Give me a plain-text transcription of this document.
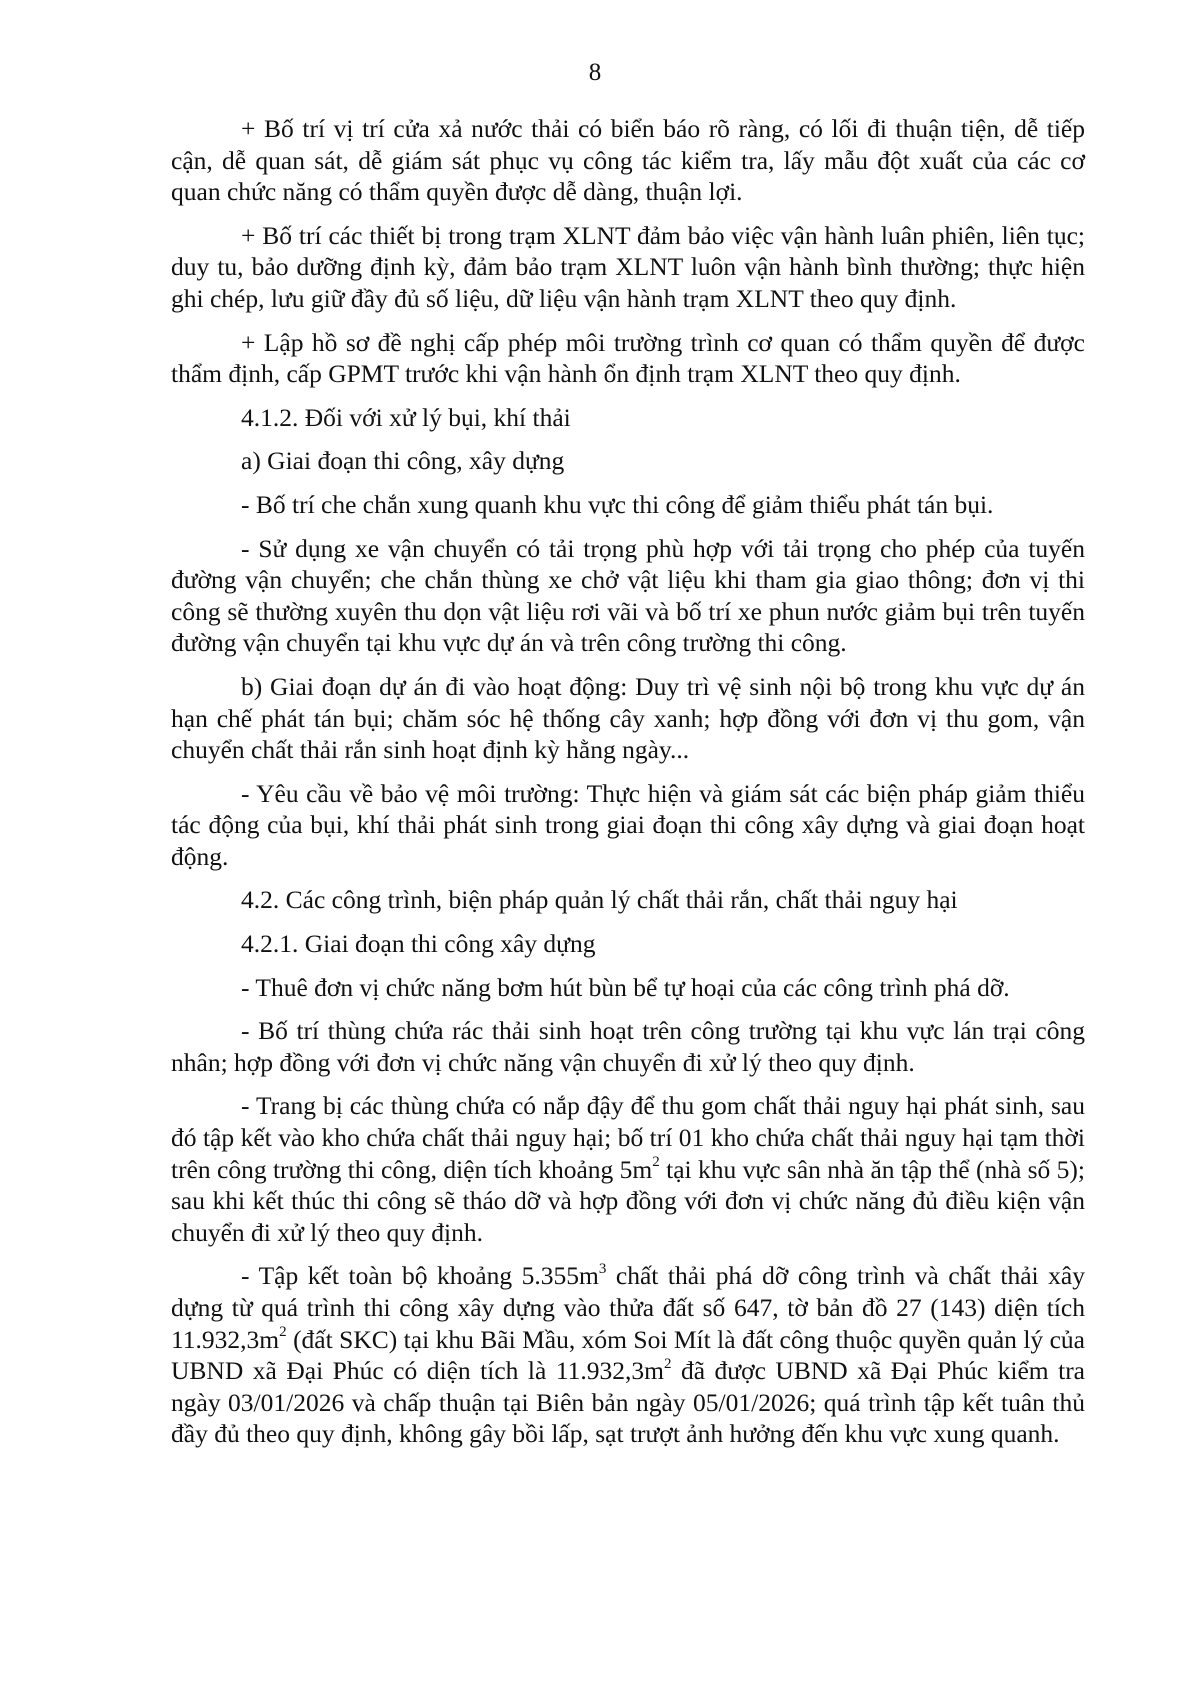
8

+ Bố trí vị trí cửa xả nước thải có biển báo rõ ràng, có lối đi thuận tiện, dễ tiếp cận, dễ quan sát, dễ giám sát phục vụ công tác kiểm tra, lấy mẫu đột xuất của các cơ quan chức năng có thẩm quyền được dễ dàng, thuận lợi.

+ Bố trí các thiết bị trong trạm XLNT đảm bảo việc vận hành luân phiên, liên tục; duy tu, bảo dưỡng định kỳ, đảm bảo trạm XLNT luôn vận hành bình thường; thực hiện ghi chép, lưu giữ đầy đủ số liệu, dữ liệu vận hành trạm XLNT theo quy định.

+ Lập hồ sơ đề nghị cấp phép môi trường trình cơ quan có thẩm quyền để được thẩm định, cấp GPMT trước khi vận hành ổn định trạm XLNT theo quy định.

4.1.2. Đối với xử lý bụi, khí thải

a) Giai đoạn thi công, xây dựng

- Bố trí che chắn xung quanh khu vực thi công để giảm thiểu phát tán bụi.

- Sử dụng xe vận chuyển có tải trọng phù hợp với tải trọng cho phép của tuyến đường vận chuyển; che chắn thùng xe chở vật liệu khi tham gia giao thông; đơn vị thi công sẽ thường xuyên thu dọn vật liệu rơi vãi và bố trí xe phun nước giảm bụi trên tuyến đường vận chuyển tại khu vực dự án và trên công trường thi công.

b) Giai đoạn dự án đi vào hoạt động: Duy trì vệ sinh nội bộ trong khu vực dự án hạn chế phát tán bụi; chăm sóc hệ thống cây xanh; hợp đồng với đơn vị thu gom, vận chuyển chất thải rắn sinh hoạt định kỳ hằng ngày...

- Yêu cầu về bảo vệ môi trường: Thực hiện và giám sát các biện pháp giảm thiểu tác động của bụi, khí thải phát sinh trong giai đoạn thi công xây dựng và giai đoạn hoạt động.

4.2. Các công trình, biện pháp quản lý chất thải rắn, chất thải nguy hại

4.2.1. Giai đoạn thi công xây dựng

- Thuê đơn vị chức năng bơm hút bùn bể tự hoại của các công trình phá dỡ.

- Bố trí thùng chứa rác thải sinh hoạt trên công trường tại khu vực lán trại công nhân; hợp đồng với đơn vị chức năng vận chuyển đi xử lý theo quy định.

- Trang bị các thùng chứa có nắp đậy để thu gom chất thải nguy hại phát sinh, sau đó tập kết vào kho chứa chất thải nguy hại; bố trí 01 kho chứa chất thải nguy hại tạm thời trên công trường thi công, diện tích khoảng $5m^2$ tại khu vực sân nhà ăn tập thể (nhà số 5); sau khi kết thúc thi công sẽ tháo dỡ và hợp đồng với đơn vị chức năng đủ điều kiện vận chuyển đi xử lý theo quy định.

- Tập kết toàn bộ khoảng $5.355m^3$ chất thải phá dỡ công trình và chất thải xây dựng từ quá trình thi công xây dựng vào thửa đất số 647, tờ bản đồ 27 (143) diện tích $11.932,3m^2$ (đất SKC) tại khu Bãi Mầu, xóm Soi Mít là đất công thuộc quyền quản lý của UBND xã Đại Phúc có diện tích là $11.932,3m^2$ đã được UBND xã Đại Phúc kiểm tra ngày 03/01/2026 và chấp thuận tại Biên bản ngày 05/01/2026; quá trình tập kết tuân thủ đầy đủ theo quy định, không gây bồi lấp, sạt trượt ảnh hưởng đến khu vực xung quanh.
